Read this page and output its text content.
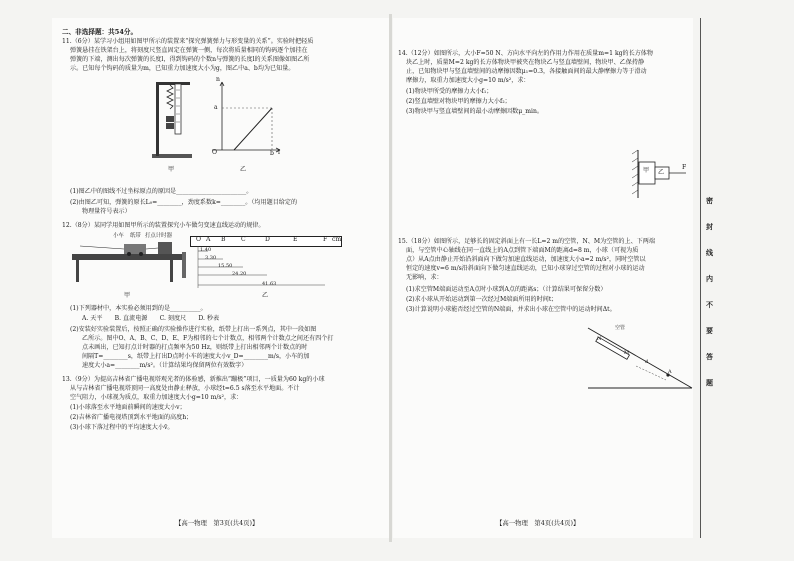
二、非选择题：共54分。
11.（6分）某学习小组用如图甲所示的装置来“探究弹簧弹力与形变量的关系”。实验时把轻质
弹簧悬挂在铁架台上，将刻度尺竖直固定在弹簧一侧，每次将质量相同的钩码逐个加挂在
弹簧的下端，测出每次弹簧的长度l，得到钩码的个数n与弹簧的长度l的关系图像如图乙所
示。已知每个钩码的质量为m，已知重力加速度大小为g，图乙中a、b均为已知量。
甲
n
l
O
a
b
乙
(1)图乙中的图线不过坐标原点的原因是_______________________。
(2)由图乙可知，弹簧的原长L₀=________，劲度系数k=________。（均用题目给定的
物理量符号表示）
12.（8分）某同学用如图甲所示的装置探究小车做匀变速直线运动的规律。
小车 纸带 打点计时器
甲
O A B	C	D	E	F cm
1.40
3.30
15.50
24.20
41.63
乙
(1)下列器材中，本实验必须用到的是__________。
A. 天平　　B. 直流电源　　C. 刻度尺　　D. 秒表
(2)安装好实验装置后，按照正确的实验操作进行实验，纸带上打出一系列点，其中一段如图
乙所示。图中O、A、B、C、D、E、F为相邻的七个计数点，相邻两个计数点之间还有四个打
点未画出，已知打点计时器的打点频率为50 Hz，则纸带上打出相邻两个计数点的时
间隔T=________s，纸带上打出D点时小车的速度大小v_D=________m/s，小车的加
速度大小a=________m/s²。（计算结果均保留两位有效数字）
13.（9分）为提高吉林省广播电视塔观光者的体验感，新推出“蹦极”项目，一质量为60 kg的小球
从与吉林省广播电视塔顶同一高度处由静止释放，小球经t=6.5 s落至水平地面。不计
空气阻力，小球视为质点，取重力加速度大小g=10 m/s²，求：
(1)小球落至水平地面前瞬间的速度大小v；
(2)吉林省广播电视塔顶到水平地面的高度h；
(3)小球下落过程中的平均速度大小v̄。
【高一物理　第3页(共4页)】
14.（12分）如图所示，大小F=50 N、方向水平向左的作用力作用在质量m=1 kg的长方体物
块乙上时，质量M=2 kg的长方体物块甲被夹在物块乙与竖直墙壁间，物块甲、乙保持静
止，已知物块甲与竖直墙壁间的动摩擦因数μ₁=0.3，各接触面间的最大静摩擦力等于滑动
摩擦力，取重力加速度大小g=10 m/s²，求：
(1)物块甲所受的摩擦力大小f₁；
(2)竖直墙壁对物块甲的摩擦力大小f₂；
(3)物块甲与竖直墙壁间的最小动摩擦因数μ_min。
甲 乙
F
15.（18分）如图所示，足够长的固定斜面上有一长L=2 m的空管，N、M为空管的上、下两端
面，与空管中心轴线在同一直线上的A点到管下端面M的距离d=8 m，小球（可视为质
点）从A点由静止开始沿斜面向下做匀加速直线运动，加速度大小a=2 m/s²，同时空管以
恒定的速度v=6 m/s沿斜面向下做匀速直线运动，已知小球穿过空管的过程对小球的运动
无影响，求：
(1)求空管M端面运动至A点时小球到A点的距离s；（计算结果可保留分数）
(2)求小球从开始运动到第一次经过M端面所用的时间t；
(3)计算说明小球能否经过空管的N端面，并求出小球在空管中的运动时间Δt。
空管
N
M
d
A
【高一物理　第4页(共4页)】
密
封
线
内
不
要
答
题
